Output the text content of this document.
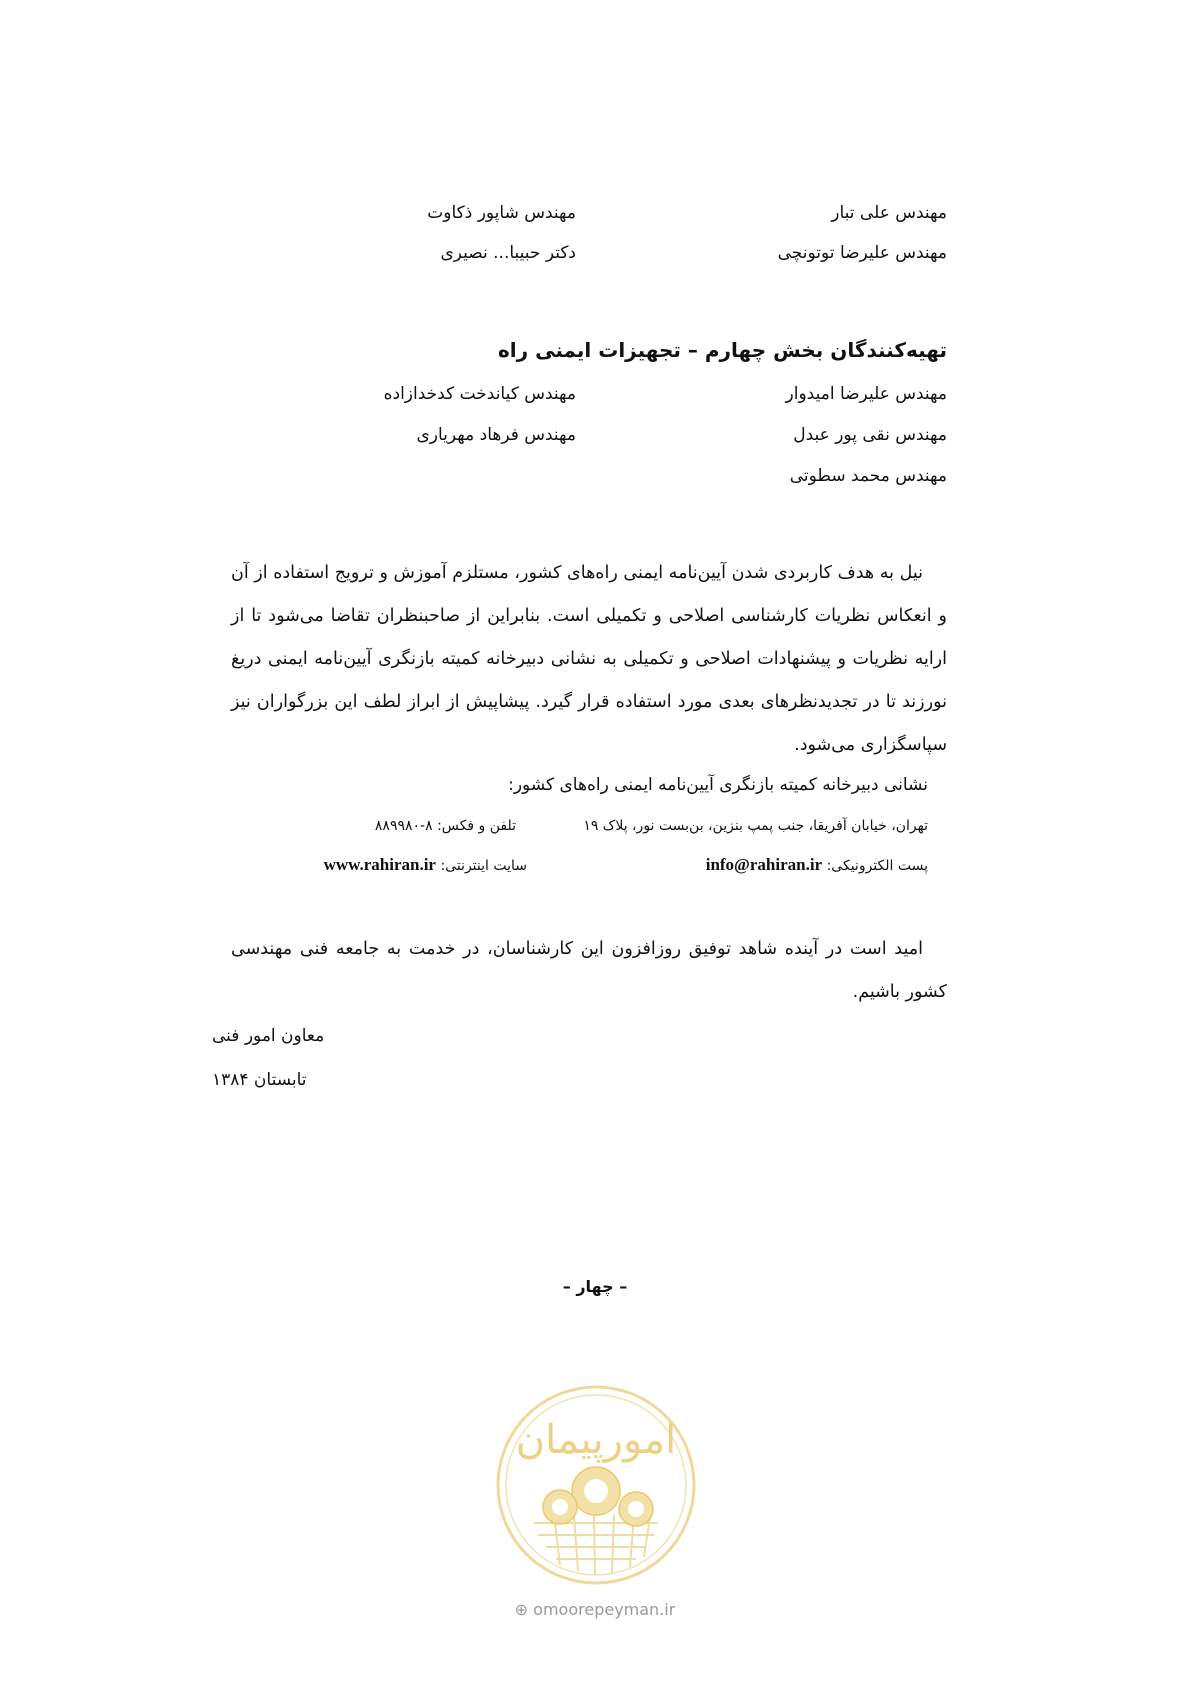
مهندس علی تبار
مهندس شاپور ذکاوت
مهندس علیرضا توتونچی
دکتر حبیبا... نصیری
تهیه‌کنندگان بخش چهارم – تجهیزات ایمنی راه
مهندس علیرضا امیدوار
مهندس کیاندخت کدخدازاده
مهندس نقی پور عبدل
مهندس فرهاد مهریاری
مهندس محمد سطوتی
نیل به هدف کاربردی شدن آیین‌نامه ایمنی راه‌های کشور، مستلزم آموزش و ترویج استفاده از آن و انعکاس نظریات کارشناسی اصلاحی و تکمیلی است. بنابراین از صاحبنظران تقاضا می‌شود تا از ارایه نظریات و پیشنهادات اصلاحی و تکمیلی به نشانی دبیرخانه کمیته بازنگری آیین‌نامه ایمنی دریغ نورزند تا در تجدیدنظرهای بعدی مورد استفاده قرار گیرد. پیشاپیش از ابراز لطف این بزرگواران نیز سپاسگزاری می‌شود.
نشانی دبیرخانه کمیته بازنگری آیین‌نامه ایمنی راه‌های کشور:
تهران، خیابان آفریقا، جنب پمپ بنزین، بن‌بست نور، پلاک ۱۹
تلفن و فکس: ۸-۸۸۹۹۸۰
پست الکترونیکی: info@rahiran.ir
سایت اینترنتی: www.rahiran.ir
امید است در آینده شاهد توفیق روزافزون این کارشناسان، در خدمت به جامعه فنی مهندسی کشور باشیم.
معاون امور فنی
تابستان ۱۳۸۴
– چهار –
امورپیمان
⊕ omoorepeyman.ir
